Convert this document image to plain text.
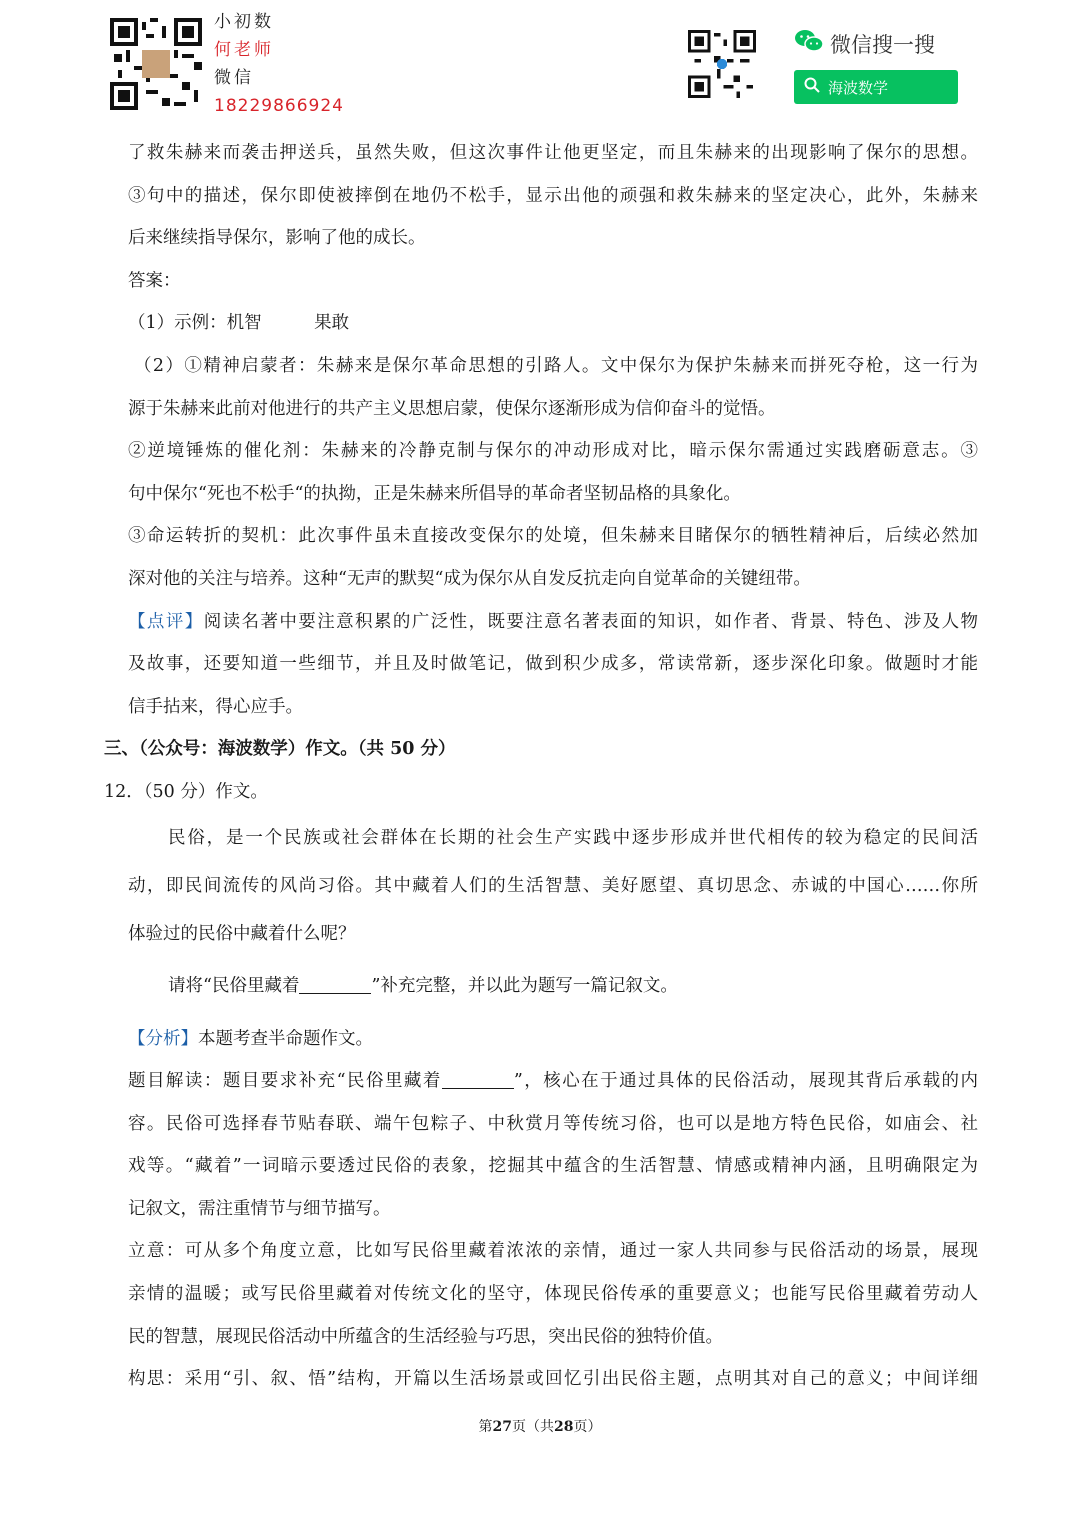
小初数
何老师
微信
18229866924
微信搜一搜
海波数学
了救朱赫来而袭击押送兵，虽然失败，但这次事件让他更坚定，而且朱赫来的出现影响了保尔的思想。
③句中的描述，保尔即使被摔倒在地仍不松手，显示出他的顽强和救朱赫来的坚定决心，此外，朱赫来
后来继续指导保尔，影响了他的成长。
答案：
（1）示例：机智　　　果敢
（2）①精神启蒙者：朱赫来是保尔革命思想的引路人。文中保尔为保护朱赫来而拼死夺枪，这一行为
源于朱赫来此前对他进行的共产主义思想启蒙，使保尔逐渐形成为信仰奋斗的觉悟。
②逆境锤炼的催化剂：朱赫来的冷静克制与保尔的冲动形成对比，暗示保尔需通过实践磨砺意志。③
句中保尔“死也不松手“的执拗，正是朱赫来所倡导的革命者坚韧品格的具象化。
③命运转折的契机：此次事件虽未直接改变保尔的处境，但朱赫来目睹保尔的牺牲精神后，后续必然加
深对他的关注与培养。这种“无声的默契“成为保尔从自发反抗走向自觉革命的关键纽带。
【点评】阅读名著中要注意积累的广泛性，既要注意名著表面的知识，如作者、背景、特色、涉及人物
及故事，还要知道一些细节，并且及时做笔记，做到积少成多，常读常新，逐步深化印象。做题时才能
信手拈来，得心应手。
三、（公众号：海波数学）作文。（共 50 分）
12．（50 分）作文。
民俗，是一个民族或社会群体在长期的社会生产实践中逐步形成并世代相传的较为稳定的民间活
动，即民间流传的风尚习俗。其中藏着人们的生活智慧、美好愿望、真切思念、赤诚的中国心……你所
体验过的民俗中藏着什么呢？
请将“民俗里藏着	”补充完整，并以此为题写一篇记叙文。
【分析】本题考查半命题作文。
题目解读：题目要求补充“民俗里藏着	”，核心在于通过具体的民俗活动，展现其背后承载的内
容。民俗可选择春节贴春联、端午包粽子、中秋赏月等传统习俗，也可以是地方特色民俗，如庙会、社
戏等。“藏着”一词暗示要透过民俗的表象，挖掘其中蕴含的生活智慧、情感或精神内涵，且明确限定为
记叙文，需注重情节与细节描写。
立意：可从多个角度立意，比如写民俗里藏着浓浓的亲情，通过一家人共同参与民俗活动的场景，展现
亲情的温暖；或写民俗里藏着对传统文化的坚守，体现民俗传承的重要意义；也能写民俗里藏着劳动人
民的智慧，展现民俗活动中所蕴含的生活经验与巧思，突出民俗的独特价值。
构思：采用“引、叙、悟”结构，开篇以生活场景或回忆引出民俗主题，点明其对自己的意义；中间详细
第27页（共28页）
